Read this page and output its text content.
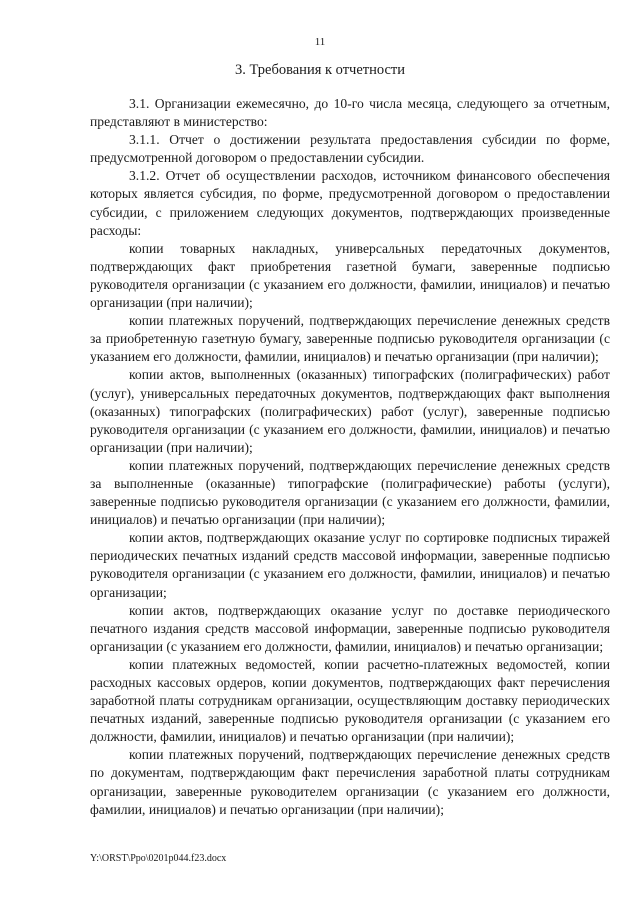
11
3. Требования к отчетности

3.1. Организации ежемесячно, до 10-го числа месяца, следующего за отчетным, представляют в министерство:

3.1.1. Отчет о достижении результата предоставления субсидии по форме, предусмотренной договором о предоставлении субсидии.

3.1.2. Отчет об осуществлении расходов, источником финансового обеспечения которых является субсидия, по форме, предусмотренной договором о предоставлении субсидии, с приложением следующих документов, подтверждающих произведенные расходы:

копии товарных накладных, универсальных передаточных документов, подтверждающих факт приобретения газетной бумаги, заверенные подписью руководителя организации (с указанием его должности, фамилии, инициалов) и печатью организации (при наличии);

копии платежных поручений, подтверждающих перечисление денежных средств за приобретенную газетную бумагу, заверенные подписью руководителя организации (с указанием его должности, фамилии, инициалов) и печатью организации (при наличии);

копии актов, выполненных (оказанных) типографских (полиграфических) работ (услуг), универсальных передаточных документов, подтверждающих факт выполнения (оказанных) типографских (полиграфических) работ (услуг), заверенные подписью руководителя организации (с указанием его должности, фамилии, инициалов) и печатью организации (при наличии);

копии платежных поручений, подтверждающих перечисление денежных средств за выполненные (оказанные) типографские (полиграфические) работы (услуги), заверенные подписью руководителя организации (с указанием его должности, фамилии, инициалов) и печатью организации (при наличии);

копии актов, подтверждающих оказание услуг по сортировке подписных тиражей периодических печатных изданий средств массовой информации, заверенные подписью руководителя организации (с указанием его должности, фамилии, инициалов) и печатью организации;

копии актов, подтверждающих оказание услуг по доставке периодического печатного издания средств массовой информации, заверенные подписью руководителя организации (с указанием его должности, фамилии, инициалов) и печатью организации;

копии платежных ведомостей, копии расчетно-платежных ведомостей, копии расходных кассовых ордеров, копии документов, подтверждающих факт перечисления заработной платы сотрудникам организации, осуществляющим доставку периодических печатных изданий, заверенные подписью руководителя организации (с указанием его должности, фамилии, инициалов) и печатью организации (при наличии);

копии платежных поручений, подтверждающих перечисление денежных средств по документам, подтверждающим факт перечисления заработной платы сотрудникам организации, заверенные руководителем организации (с указанием его должности, фамилии, инициалов) и печатью организации (при наличии);

Y:\ORST\Ppo\0201p044.f23.docx
